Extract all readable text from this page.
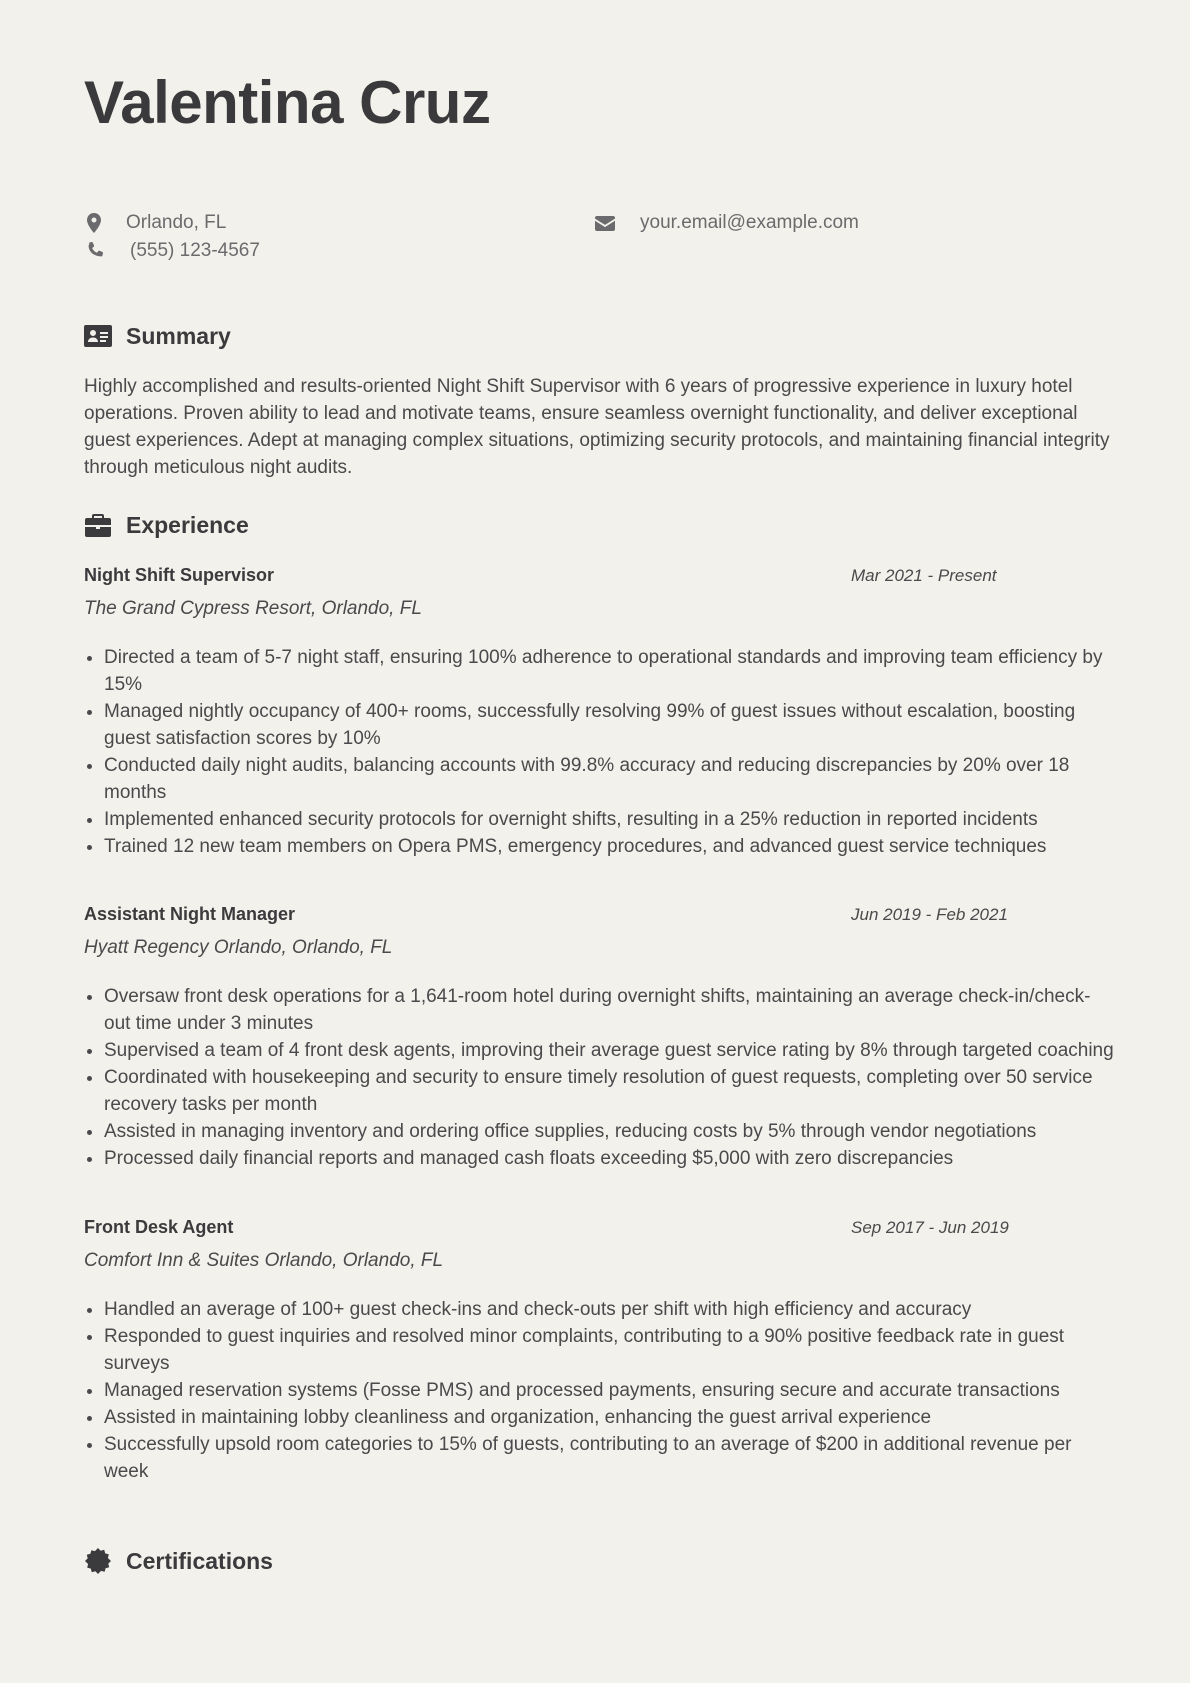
Valentina Cruz
Orlando, FL	your.email@example.com
(555) 123-4567
Summary

Highly accomplished and results-oriented Night Shift Supervisor with 6 years of progressive experience in luxury hotel operations. Proven ability to lead and motivate teams, ensure seamless overnight functionality, and deliver exceptional guest experiences. Adept at managing complex situations, optimizing security protocols, and maintaining financial integrity through meticulous night audits.

Experience
Night Shift Supervisor	Mar 2021 - Present
The Grand Cypress Resort, Orlando, FL
Directed a team of 5-7 night staff, ensuring 100% adherence to operational standards and improving team efficiency by 15%
Managed nightly occupancy of 400+ rooms, successfully resolving 99% of guest issues without escalation, boosting guest satisfaction scores by 10%
Conducted daily night audits, balancing accounts with 99.8% accuracy and reducing discrepancies by 20% over 18 months
Implemented enhanced security protocols for overnight shifts, resulting in a 25% reduction in reported incidents
Trained 12 new team members on Opera PMS, emergency procedures, and advanced guest service techniques
Assistant Night Manager	Jun 2019 - Feb 2021
Hyatt Regency Orlando, Orlando, FL
Oversaw front desk operations for a 1,641-room hotel during overnight shifts, maintaining an average check-in/check-out time under 3 minutes
Supervised a team of 4 front desk agents, improving their average guest service rating by 8% through targeted coaching
Coordinated with housekeeping and security to ensure timely resolution of guest requests, completing over 50 service recovery tasks per month
Assisted in managing inventory and ordering office supplies, reducing costs by 5% through vendor negotiations
Processed daily financial reports and managed cash floats exceeding $5,000 with zero discrepancies
Front Desk Agent	Sep 2017 - Jun 2019
Comfort Inn & Suites Orlando, Orlando, FL
Handled an average of 100+ guest check-ins and check-outs per shift with high efficiency and accuracy
Responded to guest inquiries and resolved minor complaints, contributing to a 90% positive feedback rate in guest surveys
Managed reservation systems (Fosse PMS) and processed payments, ensuring secure and accurate transactions
Assisted in maintaining lobby cleanliness and organization, enhancing the guest arrival experience
Successfully upsold room categories to 15% of guests, contributing to an average of $200 in additional revenue per week
Certifications
